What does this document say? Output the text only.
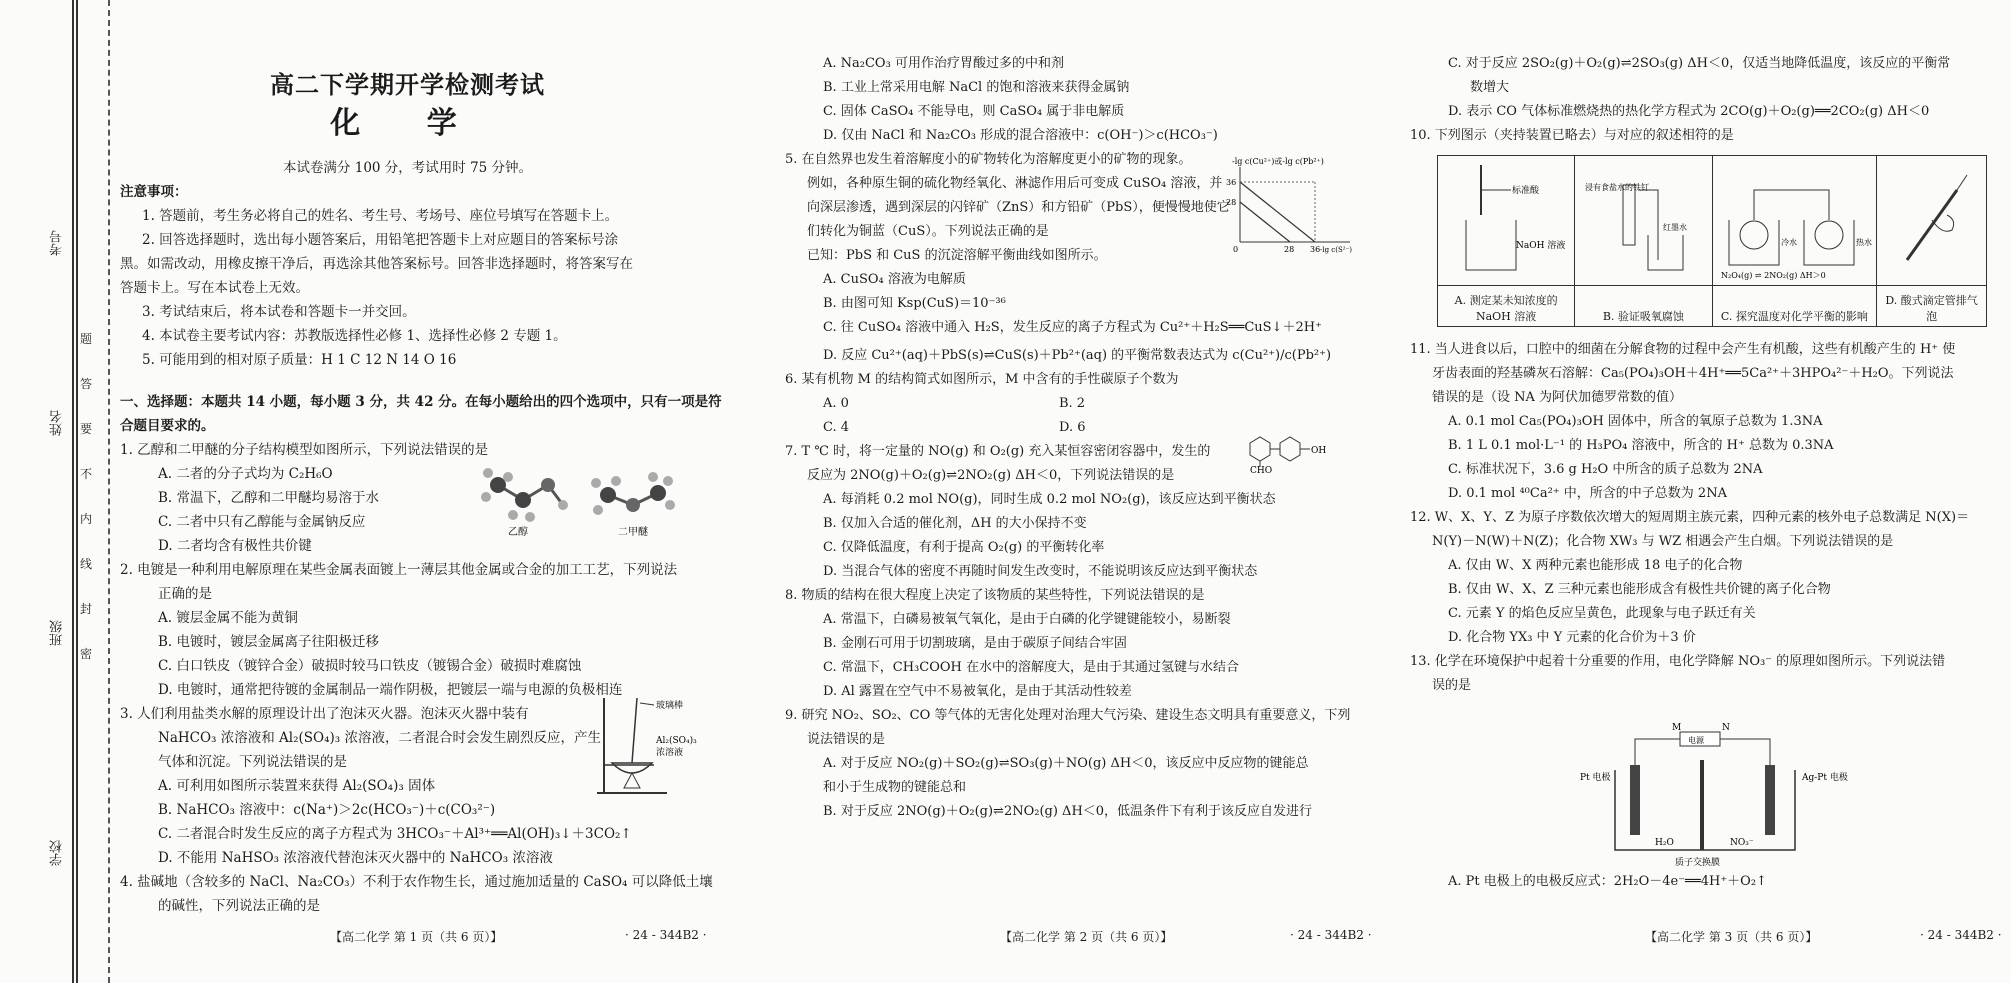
考号
姓名
班级
学校
题
答
要
不
内
线
封
密

高二下学期开学检测考试

化 学

本试卷满分 100 分，考试用时 75 分钟。

注意事项：

1. 答题前，考生务必将自己的姓名、考生号、考场号、座位号填写在答题卡上。

2. 回答选择题时，选出每小题答案后，用铅笔把答题卡上对应题目的答案标号涂

黑。如需改动，用橡皮擦干净后，再选涂其他答案标号。回答非选择题时，将答案写在

答题卡上。写在本试卷上无效。

3. 考试结束后，将本试卷和答题卡一并交回。

4. 本试卷主要考试内容：苏教版选择性必修 1、选择性必修 2 专题 1。

5. 可能用到的相对原子质量：H 1 C 12 N 14 O 16

一、选择题：本题共 14 小题，每小题 3 分，共 42 分。在每小题给出的四个选项中，只有一项是符

合题目要求的。

1. 乙醇和二甲醚的分子结构模型如图所示，下列说法错误的是

A. 二者的分子式均为 C₂H₆O

B. 常温下，乙醇和二甲醚均易溶于水

C. 二者中只有乙醇能与金属钠反应

D. 二者均含有极性共价键

2. 电镀是一种利用电解原理在某些金属表面镀上一薄层其他金属或合金的加工工艺，下列说法

正确的是

A. 镀层金属不能为黄铜

B. 电镀时，镀层金属离子往阳极迁移

C. 白口铁皮（镀锌合金）破损时较马口铁皮（镀锡合金）破损时难腐蚀

D. 电镀时，通常把待镀的金属制品一端作阴极，把镀层一端与电源的负极相连

3. 人们利用盐类水解的原理设计出了泡沫灭火器。泡沫灭火器中装有

NaHCO₃ 浓溶液和 Al₂(SO₄)₃ 浓溶液，二者混合时会发生剧烈反应，产生

气体和沉淀。下列说法错误的是

A. 可利用如图所示装置来获得 Al₂(SO₄)₃ 固体

B. NaHCO₃ 溶液中：c(Na⁺)＞2c(HCO₃⁻)＋c(CO₃²⁻)

C. 二者混合时发生反应的离子方程式为 3HCO₃⁻＋Al³⁺══Al(OH)₃↓＋3CO₂↑

D. 不能用 NaHSO₃ 浓溶液代替泡沫灭火器中的 NaHCO₃ 浓溶液

4. 盐碱地（含较多的 NaCl、Na₂CO₃）不利于农作物生长，通过施加适量的 CaSO₄ 可以降低土壤

的碱性，下列说法正确的是

乙醇	二甲醚
玻璃棒
Al₂(SO₄)₃
浓溶液
【高二化学 第 1 页（共 6 页）】	· 24 - 344B2 ·

A. Na₂CO₃ 可用作治疗胃酸过多的中和剂

B. 工业上常采用电解 NaCl 的饱和溶液来获得金属钠

C. 固体 CaSO₄ 不能导电，则 CaSO₄ 属于非电解质

D. 仅由 NaCl 和 Na₂CO₃ 形成的混合溶液中：c(OH⁻)＞c(HCO₃⁻)

5. 在自然界也发生着溶解度小的矿物转化为溶解度更小的矿物的现象。

例如，各种原生铜的硫化物经氧化、淋滤作用后可变成 CuSO₄ 溶液，并

向深层渗透，遇到深层的闪锌矿（ZnS）和方铅矿（PbS），便慢慢地使它

们转化为铜蓝（CuS）。下列说法正确的是

已知：PbS 和 CuS 的沉淀溶解平衡曲线如图所示。

A. CuSO₄ 溶液为电解质

B. 由图可知 Ksp(CuS)＝10⁻³⁶

C. 往 CuSO₄ 溶液中通入 H₂S，发生反应的离子方程式为 Cu²⁺＋H₂S══CuS↓＋2H⁺

D. 反应 Cu²⁺(aq)＋PbS(s)⇌CuS(s)＋Pb²⁺(aq) 的平衡常数表达式为 c(Cu²⁺)/c(Pb²⁺)

6. 某有机物 M 的结构简式如图所示，M 中含有的手性碳原子个数为

A. 0	B. 2

C. 4	D. 6

7. T ℃ 时，将一定量的 NO(g) 和 O₂(g) 充入某恒容密闭容器中，发生的

反应为 2NO(g)＋O₂(g)⇌2NO₂(g) ΔH＜0，下列说法错误的是

A. 每消耗 0.2 mol NO(g)，同时生成 0.2 mol NO₂(g)，该反应达到平衡状态

B. 仅加入合适的催化剂，ΔH 的大小保持不变

C. 仅降低温度，有利于提高 O₂(g) 的平衡转化率

D. 当混合气体的密度不再随时间发生改变时，不能说明该反应达到平衡状态

8. 物质的结构在很大程度上决定了该物质的某些特性，下列说法错误的是

A. 常温下，白磷易被氧气氧化，是由于白磷的化学键键能较小，易断裂

B. 金刚石可用于切割玻璃，是由于碳原子间结合牢固

C. 常温下，CH₃COOH 在水中的溶解度大，是由于其通过氢键与水结合

D. Al 露置在空气中不易被氧化，是由于其活动性较差

9. 研究 NO₂、SO₂、CO 等气体的无害化处理对治理大气污染、建设生态文明具有重要意义，下列

说法错误的是

A. 对于反应 NO₂(g)＋SO₂(g)⇌SO₃(g)＋NO(g) ΔH＜0，该反应中反应物的键能总

和小于生成物的键能总和

B. 对于反应 2NO(g)＋O₂(g)⇌2NO₂(g) ΔH＜0，低温条件下有利于该反应自发进行

-lg c(Cu²⁺)或-lg c(Pb²⁺)
36
28
0	28 36 -lg c(S²⁻)
OH
CHO
【高二化学 第 2 页（共 6 页）】	· 24 - 344B2 ·

C. 对于反应 2SO₂(g)＋O₂(g)⇌2SO₃(g) ΔH＜0，仅适当地降低温度，该反应的平衡常

数增大

D. 表示 CO 气体标准燃烧热的热化学方程式为 2CO(g)＋O₂(g)══2CO₂(g) ΔH＜0

10. 下列图示（夹持装置已略去）与对应的叙述相符的是

标准酸
NaOH 溶液	浸有食盐水的铁钉
红墨水	冷水 热水
N₂O₄(g) ⇌ 2NO₂(g) ΔH＞0

A. 测定某未知浓度的 NaOH 溶液	B. 验证吸氧腐蚀	C. 探究温度对化学平衡的影响	D. 酸式滴定管排气泡

11. 当人进食以后，口腔中的细菌在分解食物的过程中会产生有机酸，这些有机酸产生的 H⁺ 使

牙齿表面的羟基磷灰石溶解：Ca₅(PO₄)₃OH＋4H⁺══5Ca²⁺＋3HPO₄²⁻＋H₂O。下列说法

错误的是（设 NA 为阿伏加德罗常数的值）

A. 0.1 mol Ca₅(PO₄)₃OH 固体中，所含的氧原子总数为 1.3NA

B. 1 L 0.1 mol·L⁻¹ 的 H₃PO₄ 溶液中，所含的 H⁺ 总数为 0.3NA

C. 标准状况下，3.6 g H₂O 中所含的质子总数为 2NA

D. 0.1 mol ⁴⁰Ca²⁺ 中，所含的中子总数为 2NA

12. W、X、Y、Z 为原子序数依次增大的短周期主族元素，四种元素的核外电子总数满足 N(X)＝

N(Y)－N(W)＋N(Z)；化合物 XW₃ 与 WZ 相遇会产生白烟。下列说法错误的是

A. 仅由 W、X 两种元素也能形成 18 电子的化合物

B. 仅由 W、X、Z 三种元素也能形成含有极性共价键的离子化合物

C. 元素 Y 的焰色反应呈黄色，此现象与电子跃迁有关

D. 化合物 YX₃ 中 Y 元素的化合价为＋3 价

13. 化学在环境保护中起着十分重要的作用，电化学降解 NO₃⁻ 的原理如图所示。下列说法错

误的是

电源
M	N
Pt 电极	Ag-Pt 电极
H₂O	NO₃⁻
质子交换膜

A. Pt 电极上的电极反应式：2H₂O－4e⁻══4H⁺＋O₂↑

【高二化学 第 3 页（共 6 页）】	· 24 - 344B2 ·
